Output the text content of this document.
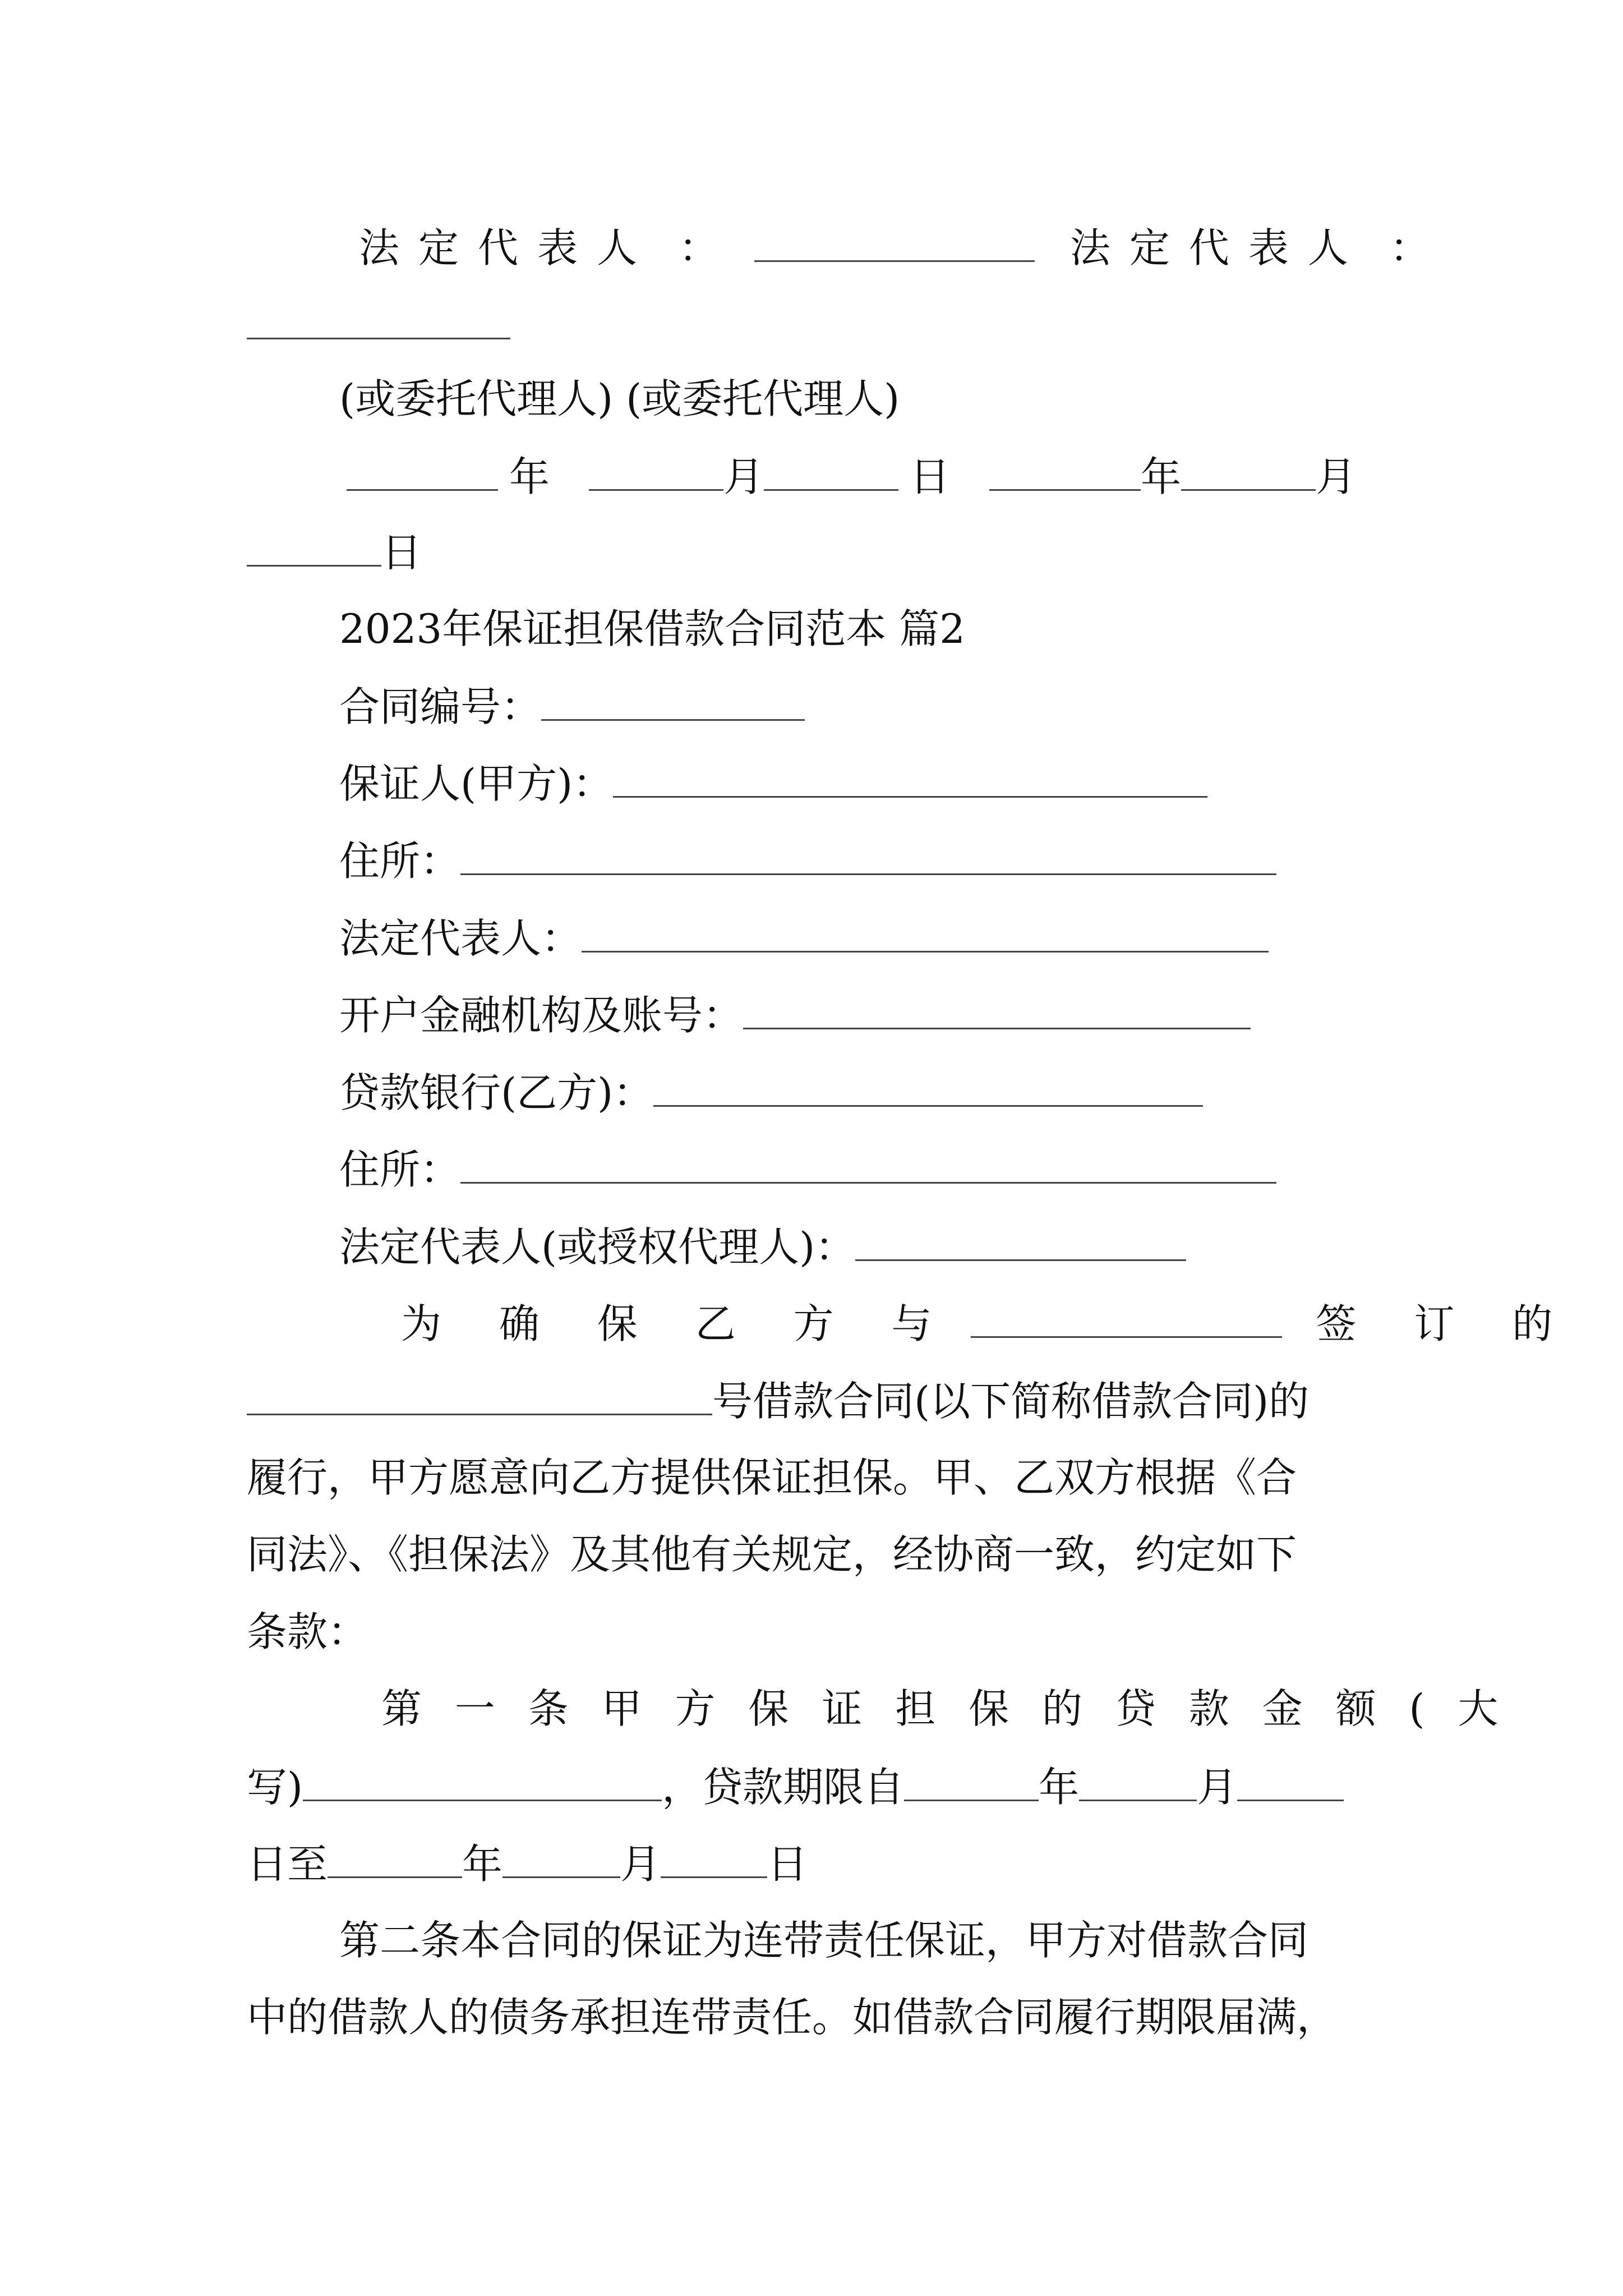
法定代表人 ：	法定代表人 ：
(或委托代理人) (或委托代理人)
年	月	日	年	月
日
2023年保证担保借款合同范本 篇2
合同编号：
保证人(甲方)：
住所：
法定代表人：
开户金融机构及账号：
贷款银行(乙方)：
住所：
法定代表人(或授权代理人)：
为 确 保 乙 方 与	签 订 的
号借款合同(以下简称借款合同)的
履行，甲方愿意向乙方提供保证担保。甲、乙双方根据《合
同法》、《担保法》及其他有关规定，经协商一致，约定如下
条款：
第 一 条 甲 方 保 证 担 保 的 贷 款 金 额 ( 大
写)	，贷款期限自	年	月
日至	年	月	日
第二条本合同的保证为连带责任保证，甲方对借款合同
中的借款人的债务承担连带责任。如借款合同履行期限届满，
